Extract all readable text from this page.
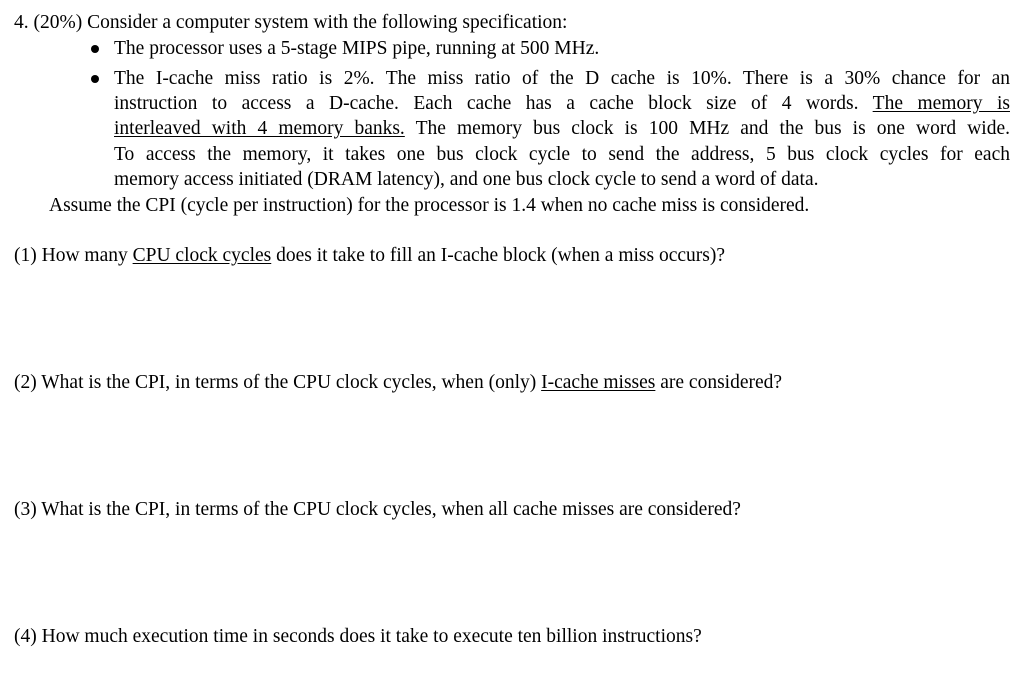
4. (20%) Consider a computer system with the following specification:
The processor uses a 5-stage MIPS pipe, running at 500 MHz.
The I-cache miss ratio is 2%. The miss ratio of the D cache is 10%. There is a 30% chance for an
instruction to access a D-cache. Each cache has a cache block size of 4 words. The memory is
interleaved with 4 memory banks. The memory bus clock is 100 MHz and the bus is one word wide.
To access the memory, it takes one bus clock cycle to send the address, 5 bus clock cycles for each
memory access initiated (DRAM latency), and one bus clock cycle to send a word of data.
Assume the CPI (cycle per instruction) for the processor is 1.4 when no cache miss is considered.
(1) How many CPU clock cycles does it take to fill an I-cache block (when a miss occurs)?
(2) What is the CPI, in terms of the CPU clock cycles, when (only) I-cache misses are considered?
(3) What is the CPI, in terms of the CPU clock cycles, when all cache misses are considered?
(4) How much execution time in seconds does it take to execute ten billion instructions?
